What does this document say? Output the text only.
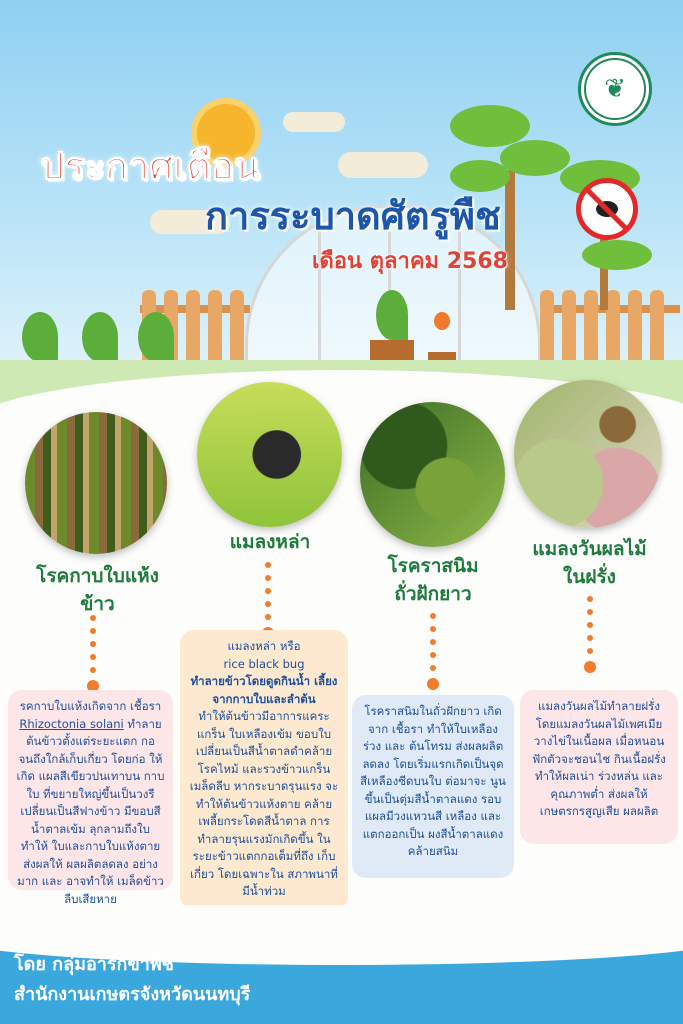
❦
ประกาศเตือน
การระบาดศัตรูพืช
เดือน ตุลาคม 2568
โรคกาบใบแห้ง
ข้าว
รคกาบใบแห้งเกิดจาก เชื้อรา Rhizoctonia solani ทำลายต้นข้าวตั้งแต่ระยะแตก กอจนถึงใกล้เก็บเกี่ยว โดยก่อ ให้เกิด แผลสีเขียวปนเทาบน กาบใบ ที่ขยายใหญ่ขึ้นเป็นวงรี เปลี่ยนเป็นสีฟางข้าว มีขอบสี น้ำตาลเข้ม ลุกลามถึงใบ ทำให้ ใบและกาบใบแห้งตาย ส่งผลให้ ผลผลิตลดลง อย่างมาก และ อาจทำให้ เมล็ดข้าวลีบเสียหาย
แมลงหล่า
แมลงหล่า หรือ
rice black bug
ทำลายข้าวโดยดูดกินน้ำ เลี้ยงจากกาบใบและลำต้น
ทำให้ต้นข้าวมีอาการแคระ แกร็น ใบเหลืองเข้ม ขอบใบ เปลี่ยนเป็นสีน้ำตาลดำคล้าย โรคไหม้ และรวงข้าวแกร็น เมล็ดลีบ หากระบาดรุนแรง จะทำให้ต้นข้าวแห้งตาย คล้ายเพลี้ยกระโดดสีน้ำตาล การทำลายรุนแรงมักเกิดขึ้น ในระยะข้าวแตกกอเต็มที่ถึง เก็บเกี่ยว โดยเฉพาะใน สภาพนาที่มีน้ำท่วม
โรคราสนิม
ถั่วฝักยาว
โรคราสนิมในถั่วฝักยาว เกิดจาก เชื้อรา ทำให้ใบเหลือง ร่วง และ ต้นโทรม ส่งผลผลิตลดลง โดยเริ่มแรกเกิดเป็นจุด สีเหลืองซีดบนใบ ต่อมาจะ นูนขึ้นเป็นตุ่มสีน้ำตาลแดง รอบแผลมีวงแหวนสี เหลือง และแตกออกเป็น ผงสีน้ำตาลแดงคล้ายสนิม
แมลงวันผลไม้
ในฝรั่ง
แมลงวันผลไม้ทำลายฝรั่ง โดยแมลงวันผลไม้เพศเมีย วางไข่ในเนื้อผล เมื่อหนอนฟักตัวจะชอนไช กินเนื้อฝรั่ง ทำให้ผลเน่า ร่วงหล่น และคุณภาพต่ำ ส่งผลให้เกษตรกรสูญเสีย ผลผลิต
โดย กลุ่มอารักขาพืช
สำนักงานเกษตรจังหวัดนนทบุรี
